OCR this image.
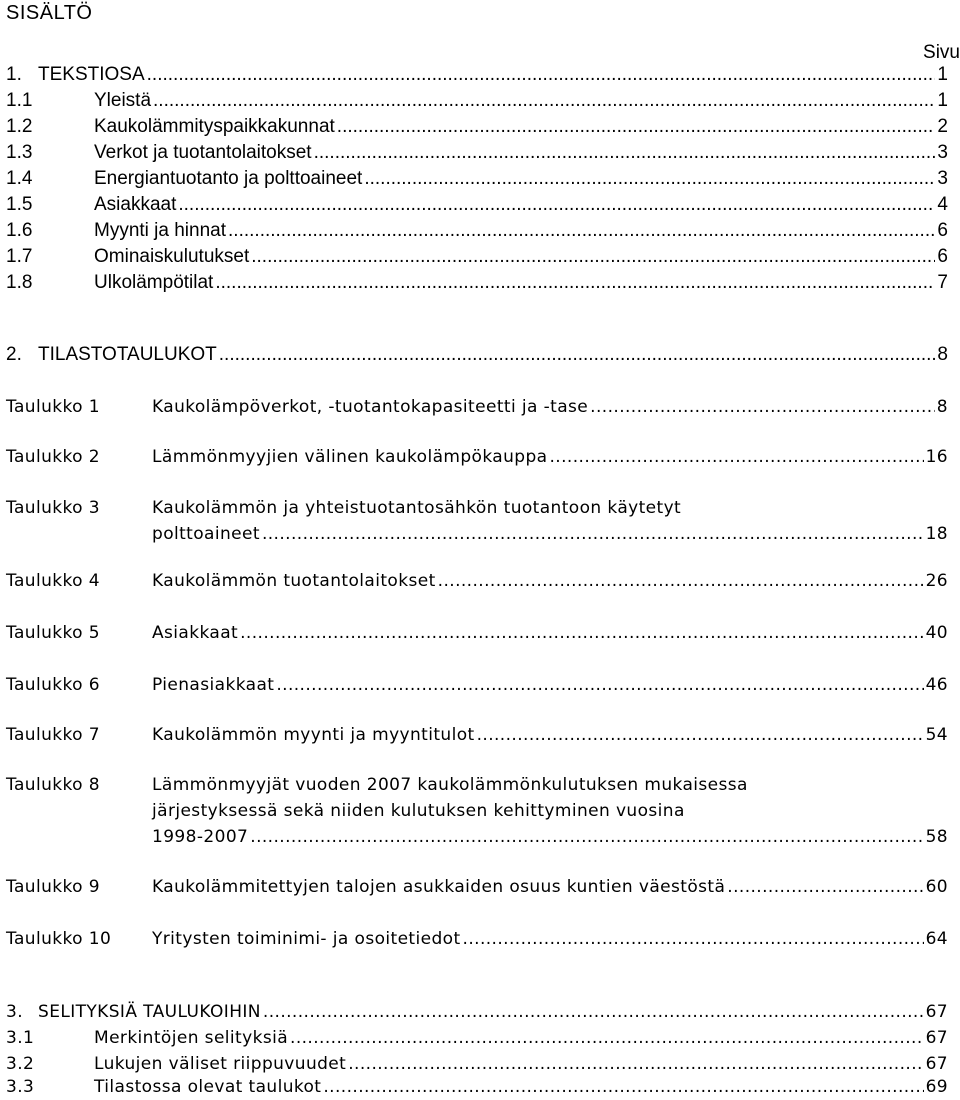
SISÄLTÖ
Sivu
1. TEKSTIOSA .....	1
1.1	Yleistä .....	1
1.2	Kaukolämmityspaikkakunnat .....	2
1.3	Verkot ja tuotantolaitokset .....	3
1.4	Energiantuotanto ja polttoaineet .....	3
1.5	Asiakkaat .....	4
1.6	Myynti ja hinnat .....	6
1.7	Ominaiskulutukset .....	6
1.8	Ulkolämpötilat .....	7
2. TILASTOTAULUKOT .....	8
Taulukko 1	Kaukolämpöverkot, -tuotantokapasiteetti ja -tase .....	8
Taulukko 2	Lämmönmyyjien välinen kaukolämpökauppa .....	16
Taulukko 3	Kaukolämmön ja yhteistuotantosähkön tuotantoon käytetyt
polttoaineet .....	18
Taulukko 4	Kaukolämmön tuotantolaitokset .....	26
Taulukko 5	Asiakkaat .....	40
Taulukko 6	Pienasiakkaat .....	46
Taulukko 7	Kaukolämmön myynti ja myyntitulot .....	54
Taulukko 8	Lämmönmyyjät vuoden 2007 kaukolämmönkulutuksen mukaisessa
järjestyksessä sekä niiden kulutuksen kehittyminen vuosina
1998-2007 .....	58
Taulukko 9	Kaukolämmitettyjen talojen asukkaiden osuus kuntien väestöstä .....	60
Taulukko 10 Yritysten toiminimi- ja osoitetiedot .....	64
3. SELITYKSIÄ TAULUKOIHIN .....	67
3.1	Merkintöjen selityksiä .....	67
3.2	Lukujen väliset riippuvuudet .....	67
3.3	Tilastossa olevat taulukot .....	69
